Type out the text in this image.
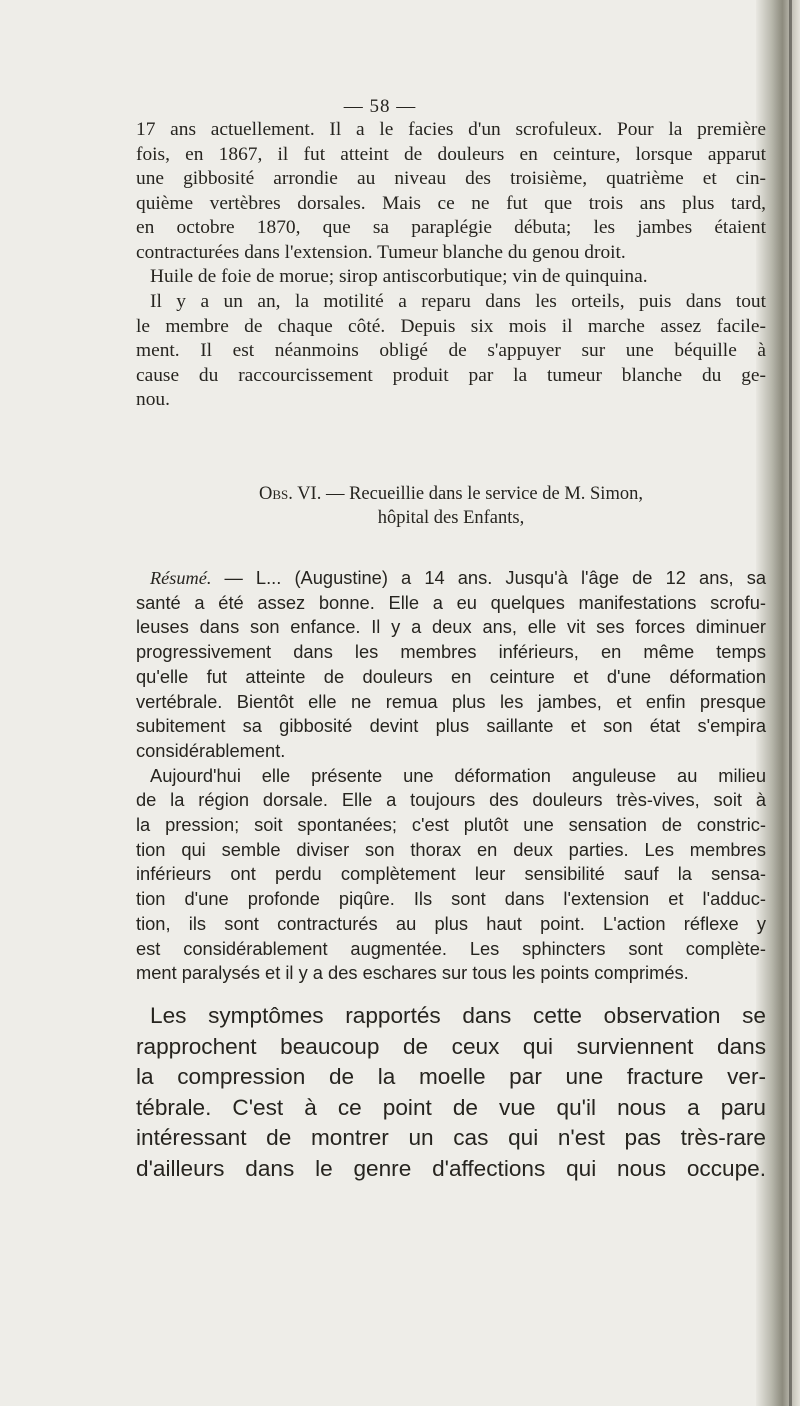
— 58 —
17 ans actuellement. Il a le facies d'un scrofuleux. Pour la première
fois, en 1867, il fut atteint de douleurs en ceinture, lorsque apparut
une gibbosité arrondie au niveau des troisième, quatrième et cin-
quième vertèbres dorsales. Mais ce ne fut que trois ans plus tard,
en octobre 1870, que sa paraplégie débuta; les jambes étaient
contracturées dans l'extension. Tumeur blanche du genou droit.
Huile de foie de morue; sirop antiscorbutique; vin de quinquina.
Il y a un an, la motilité a reparu dans les orteils, puis dans tout
le membre de chaque côté. Depuis six mois il marche assez facile-
ment. Il est néanmoins obligé de s'appuyer sur une béquille à
cause du raccourcissement produit par la tumeur blanche du ge-
nou.
Obs. VI. — Recueillie dans le service de M. Simon,
hôpital des Enfants,
Résumé. — L... (Augustine) a 14 ans. Jusqu'à l'âge de 12 ans, sa
santé a été assez bonne. Elle a eu quelques manifestations scrofu-
leuses dans son enfance. Il y a deux ans, elle vit ses forces diminuer
progressivement dans les membres inférieurs, en même temps
qu'elle fut atteinte de douleurs en ceinture et d'une déformation
vertébrale. Bientôt elle ne remua plus les jambes, et enfin presque
subitement sa gibbosité devint plus saillante et son état s'empira
considérablement.
Aujourd'hui elle présente une déformation anguleuse au milieu
de la région dorsale. Elle a toujours des douleurs très-vives, soit à
la pression; soit spontanées; c'est plutôt une sensation de constric-
tion qui semble diviser son thorax en deux parties. Les membres
inférieurs ont perdu complètement leur sensibilité sauf la sensa-
tion d'une profonde piqûre. Ils sont dans l'extension et l'adduc-
tion, ils sont contracturés au plus haut point. L'action réflexe y
est considérablement augmentée. Les sphincters sont complète-
ment paralysés et il y a des eschares sur tous les points comprimés.
Les symptômes rapportés dans cette observation se
rapprochent beaucoup de ceux qui surviennent dans
la compression de la moelle par une fracture ver-
tébrale. C'est à ce point de vue qu'il nous a paru
intéressant de montrer un cas qui n'est pas très-rare
d'ailleurs dans le genre d'affections qui nous occupe.
